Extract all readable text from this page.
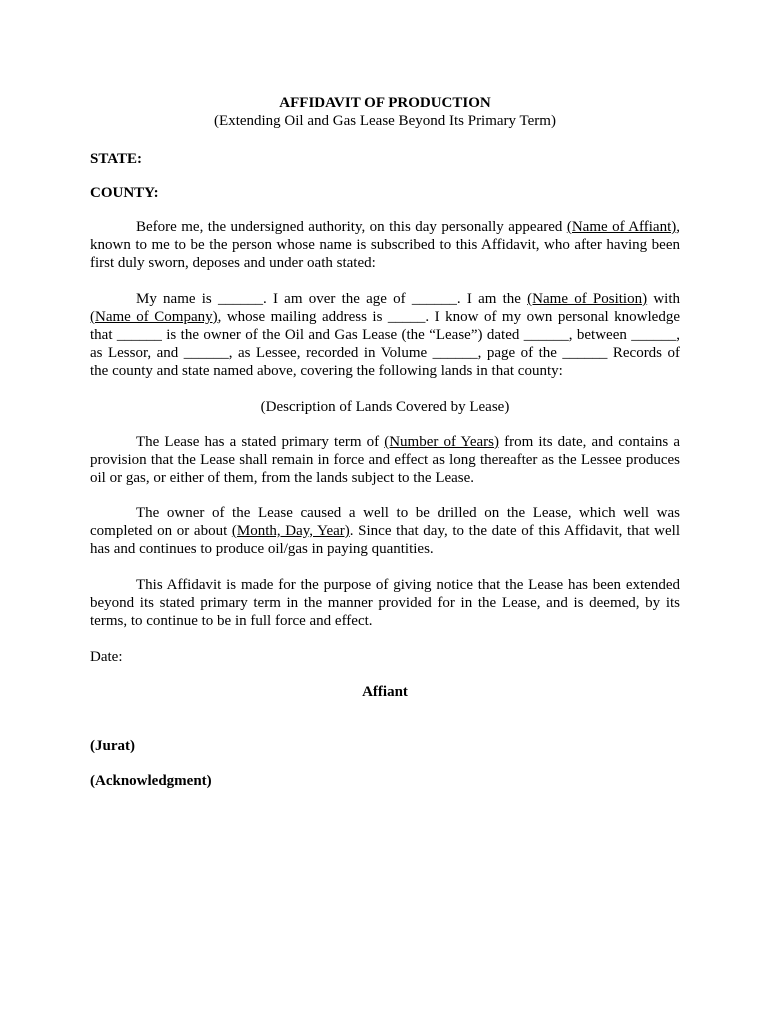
AFFIDAVIT OF PRODUCTION
(Extending Oil and Gas Lease Beyond Its Primary Term)
STATE:
COUNTY:
Before me, the undersigned authority, on this day personally appeared (Name of Affiant),
known to me to be the person whose name is subscribed to this Affidavit, who after having been
first duly sworn, deposes and under oath stated:
My name is ______. I am over the age of ______. I am the (Name of Position) with
(Name of Company), whose mailing address is _____. I know of my own personal knowledge
that ______ is the owner of the Oil and Gas Lease (the “Lease”) dated ______, between ______,
as Lessor, and ______, as Lessee, recorded in Volume ______, page of the ______ Records of
the county and state named above, covering the following lands in that county:
(Description of Lands Covered by Lease)
The Lease has a stated primary term of (Number of Years) from its date, and contains a
provision that the Lease shall remain in force and effect as long thereafter as the Lessee produces
oil or gas, or either of them, from the lands subject to the Lease.
The owner of the Lease caused a well to be drilled on the Lease, which well was
completed on or about (Month, Day, Year). Since that day, to the date of this Affidavit, that well
has and continues to produce oil/gas in paying quantities.
This Affidavit is made for the purpose of giving notice that the Lease has been extended
beyond its stated primary term in the manner provided for in the Lease, and is deemed, by its
terms, to continue to be in full force and effect.
Date:
Affiant
(Jurat)
(Acknowledgment)
